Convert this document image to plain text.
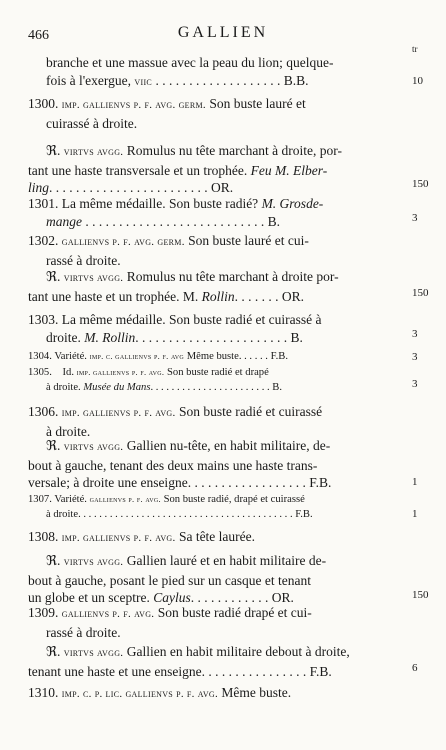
466	GALLIEN
tr
branche et une massue avec la peau du lion; quelque-
fois à l'exergue, viic . . . . . . . . . . . . . . . . . . . B.B.	10
1300. imp. gallienvs p. f. avg. germ. Son buste lauré et
cuirassé à droite.
ℜ. virtvs avgg. Romulus nu tête marchant à droite, por-
tant une haste transversale et un trophée. Feu M. Elber-
ling. . . . . . . . . . . . . . . . . . . . . . . . OR.	150
1301. La même médaille. Son buste radié? M. Grosde-
mange . . . . . . . . . . . . . . . . . . . . . . . . . . . B.	3
1302. gallienvs p. f. avg. germ. Son buste lauré et cui-
rassé à droite.
ℜ. virtvs avgg. Romulus nu tête marchant à droite por-
tant une haste et un trophée. M. Rollin. . . . . . . OR.	150
1303. La même médaille. Son buste radié et cuirassé à
droite. M. Rollin. . . . . . . . . . . . . . . . . . . . . . . B.	3
1304. Variété. imp. c. gallienvs p. f. avg Même buste. . . . . . F.B.	3
1305. Id. imp. gallienvs p. f. avg. Son buste radié et drapé
à droite. Musée du Mans. . . . . . . . . . . . . . . . . . . . . . . B.	3
1306. imp. gallienvs p. f. avg. Son buste radié et cuirassé
à droite.
ℜ. virtvs avgg. Gallien nu-tête, en habit militaire, de-
bout à gauche, tenant des deux mains une haste trans-
versale; à droite une enseigne. . . . . . . . . . . . . . . . . . F.B.	1
1307. Variété. gallienvs p. f. avg. Son buste radié, drapé et cuirassé
à droite. . . . . . . . . . . . . . . . . . . . . . . . . . . . . . . . . . . . . . . . . F.B.	1
1308. imp. gallienvs p. f. avg. Sa tête laurée.
ℜ. virtvs avgg. Gallien lauré et en habit militaire de-
bout à gauche, posant le pied sur un casque et tenant
un globe et un sceptre. Caylus. . . . . . . . . . . . OR.	150
1309. gallienvs p. f. avg. Son buste radié drapé et cui-
rassé à droite.
ℜ. virtvs avgg. Gallien en habit militaire debout à droite,
tenant une haste et une enseigne. . . . . . . . . . . . . . . . F.B.	6
1310. imp. c. p. lic. gallienvs p. f. avg. Même buste.
